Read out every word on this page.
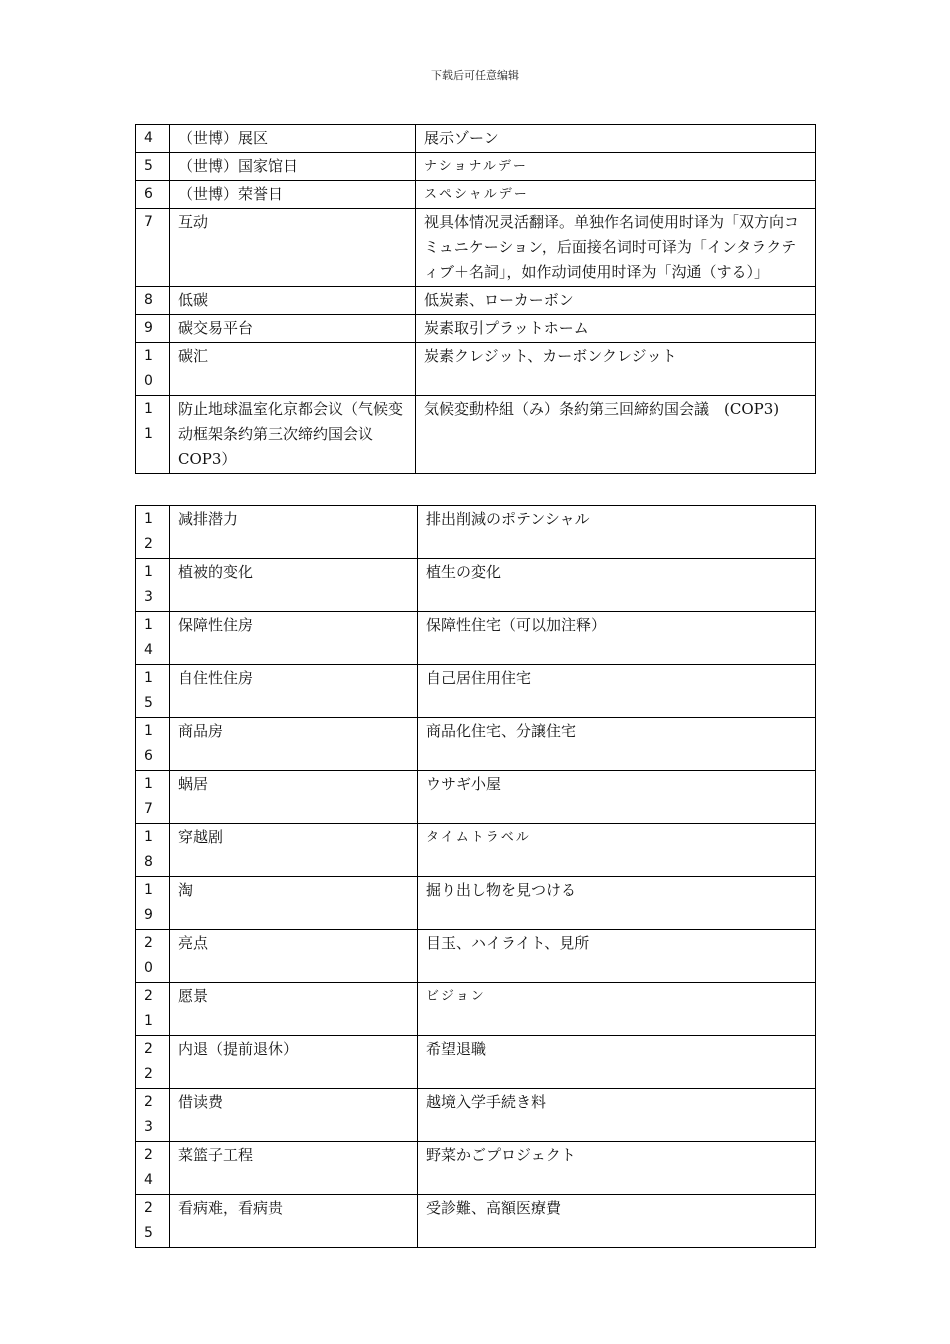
下载后可任意编辑
4	（世博）展区	展示ゾーン
5	（世博）国家馆日	ナショナルデー
6	（世博）荣誉日	スペシャルデー
7	互动	视具体情况灵活翻译。单独作名词使用时译为「双方向コミュニケーション，后面接名词时可译为「インタラクティブ＋名詞」，如作动词使用时译为「沟通（する）」
8	低碳	低炭素、ローカーボン
9	碳交易平台	炭素取引プラットホーム
10	碳汇	炭素クレジット、カーボンクレジット
11	防止地球温室化京都会议（气候变动框架条约第三次缔约国会议　COP3）	気候変動枠組（み）条約第三回締約国会議　(COP3)
12	减排潜力	排出削減のポテンシャル
13	植被的变化	植生の変化
14	保障性住房	保障性住宅（可以加注释）
15	自住性住房	自己居住用住宅
16	商品房	商品化住宅、分譲住宅
17	蜗居	ウサギ小屋
18	穿越剧	タイムトラベル
19	淘	掘り出し物を見つける
20	亮点	目玉、ハイライト、見所
21	愿景	ビジョン
22	内退（提前退休）	希望退職
23	借读费	越境入学手続き料
24	菜篮子工程	野菜かごプロジェクト
25	看病难，看病贵	受診難、高額医療費
